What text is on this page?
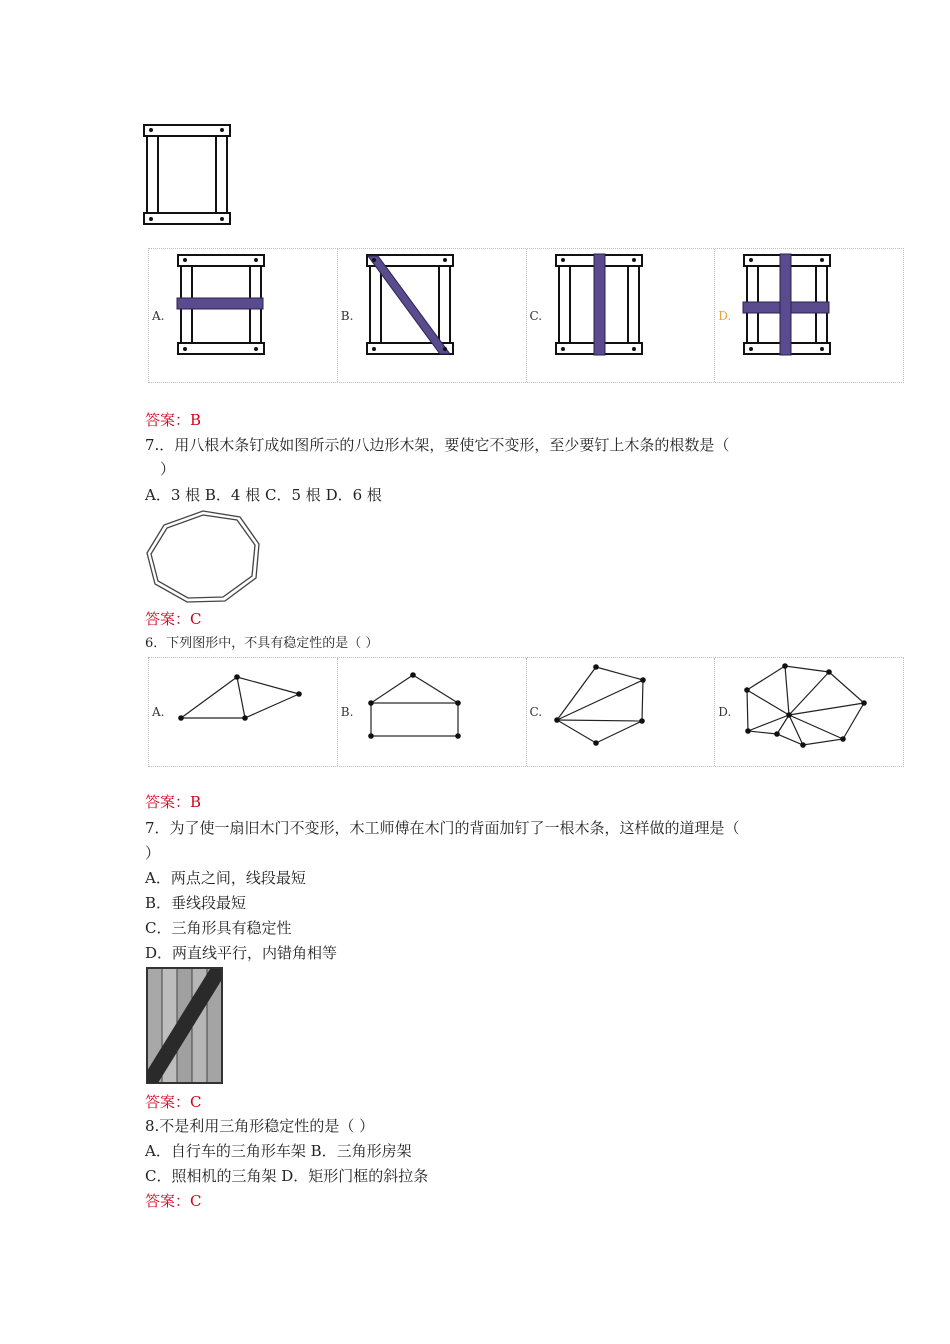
A.	B.	C.	D.
答案：B
7.．用八根木条钉成如图所示的八边形木架，要使它不变形，至少要钉上木条的根数是（
）
A．3 根 B．4 根 C．5 根 D．6 根
答案：C
6．下列图形中，不具有稳定性的是（ ）
A.	B.	C.	D.
答案：B
7．为了使一扇旧木门不变形，木工师傅在木门的背面加钉了一根木条，这样做的道理是（
）
A．两点之间，线段最短
B．垂线段最短
C．三角形具有稳定性
D．两直线平行，内错角相等
答案：C
8.不是利用三角形稳定性的是（ ）
A．自行车的三角形车架 B．三角形房架
C．照相机的三角架 D．矩形门框的斜拉条
答案：C
